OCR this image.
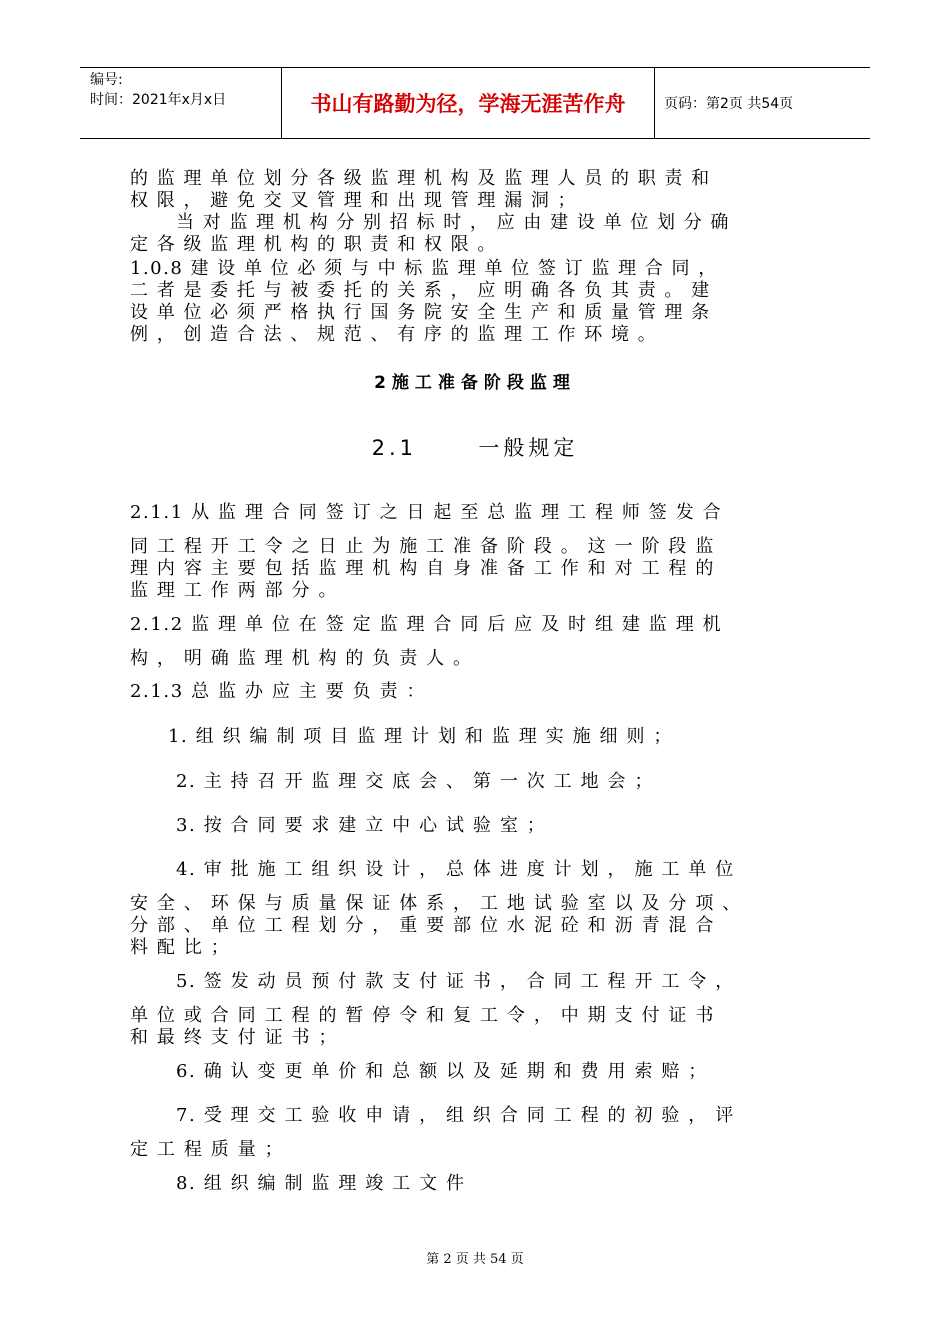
编号:
时间：2021年x月x日	书山有路勤为径，学海无涯苦作舟	页码：第2页 共54页
的 监 理 单 位 划 分 各 级 监 理 机 构 及 监 理 人 员 的 职 责 和
权 限 ， 避 免 交 叉 管 理 和 出 现 管 理 漏 洞 ；
当 对 监 理 机 构 分 别 招 标 时 ， 应 由 建 设 单 位 划 分 确
定 各 级 监 理 机 构 的 职 责 和 权 限 。
1.0.8 建 设 单 位 必 须 与 中 标 监 理 单 位 签 订 监 理 合 同 ，
二 者 是 委 托 与 被 委 托 的 关 系 ， 应 明 确 各 负 其 责 。 建
设 单 位 必 须 严 格 执 行 国 务 院 安 全 生 产 和 质 量 管 理 条
例 ， 创 造 合 法 、 规 范 、 有 序 的 监 理 工 作 环 境 。
2施工准备阶段监理
2.1	一般规定
2.1.1 从 监 理 合 同 签 订 之 日 起 至 总 监 理 工 程 师 签 发 合
同 工 程 开 工 令 之 日 止 为 施 工 准 备 阶 段 。 这 一 阶 段 监
理 内 容 主 要 包 括 监 理 机 构 自 身 准 备 工 作 和 对 工 程 的
监 理 工 作 两 部 分 。
2.1.2 监 理 单 位 在 签 定 监 理 合 同 后 应 及 时 组 建 监 理 机
构 ， 明 确 监 理 机 构 的 负 责 人 。
2.1.3 总 监 办 应 主 要 负 责 ：
1. 组 织 编 制 项 目 监 理 计 划 和 监 理 实 施 细 则 ；
2. 主 持 召 开 监 理 交 底 会 、 第 一 次 工 地 会 ；
3. 按 合 同 要 求 建 立 中 心 试 验 室 ；
4. 审 批 施 工 组 织 设 计 ， 总 体 进 度 计 划 ， 施 工 单 位
安 全 、 环 保 与 质 量 保 证 体 系 ， 工 地 试 验 室 以 及 分 项 、
分 部 、 单 位 工 程 划 分 ， 重 要 部 位 水 泥 砼 和 沥 青 混 合
料 配 比 ；
5. 签 发 动 员 预 付 款 支 付 证 书 ， 合 同 工 程 开 工 令 ，
单 位 或 合 同 工 程 的 暂 停 令 和 复 工 令 ， 中 期 支 付 证 书
和 最 终 支 付 证 书 ；
6. 确 认 变 更 单 价 和 总 额 以 及 延 期 和 费 用 索 赔 ；
7. 受 理 交 工 验 收 申 请 ， 组 织 合 同 工 程 的 初 验 ， 评
定 工 程 质 量 ；
8. 组 织 编 制 监 理 竣 工 文 件
第 2 页 共 54 页
